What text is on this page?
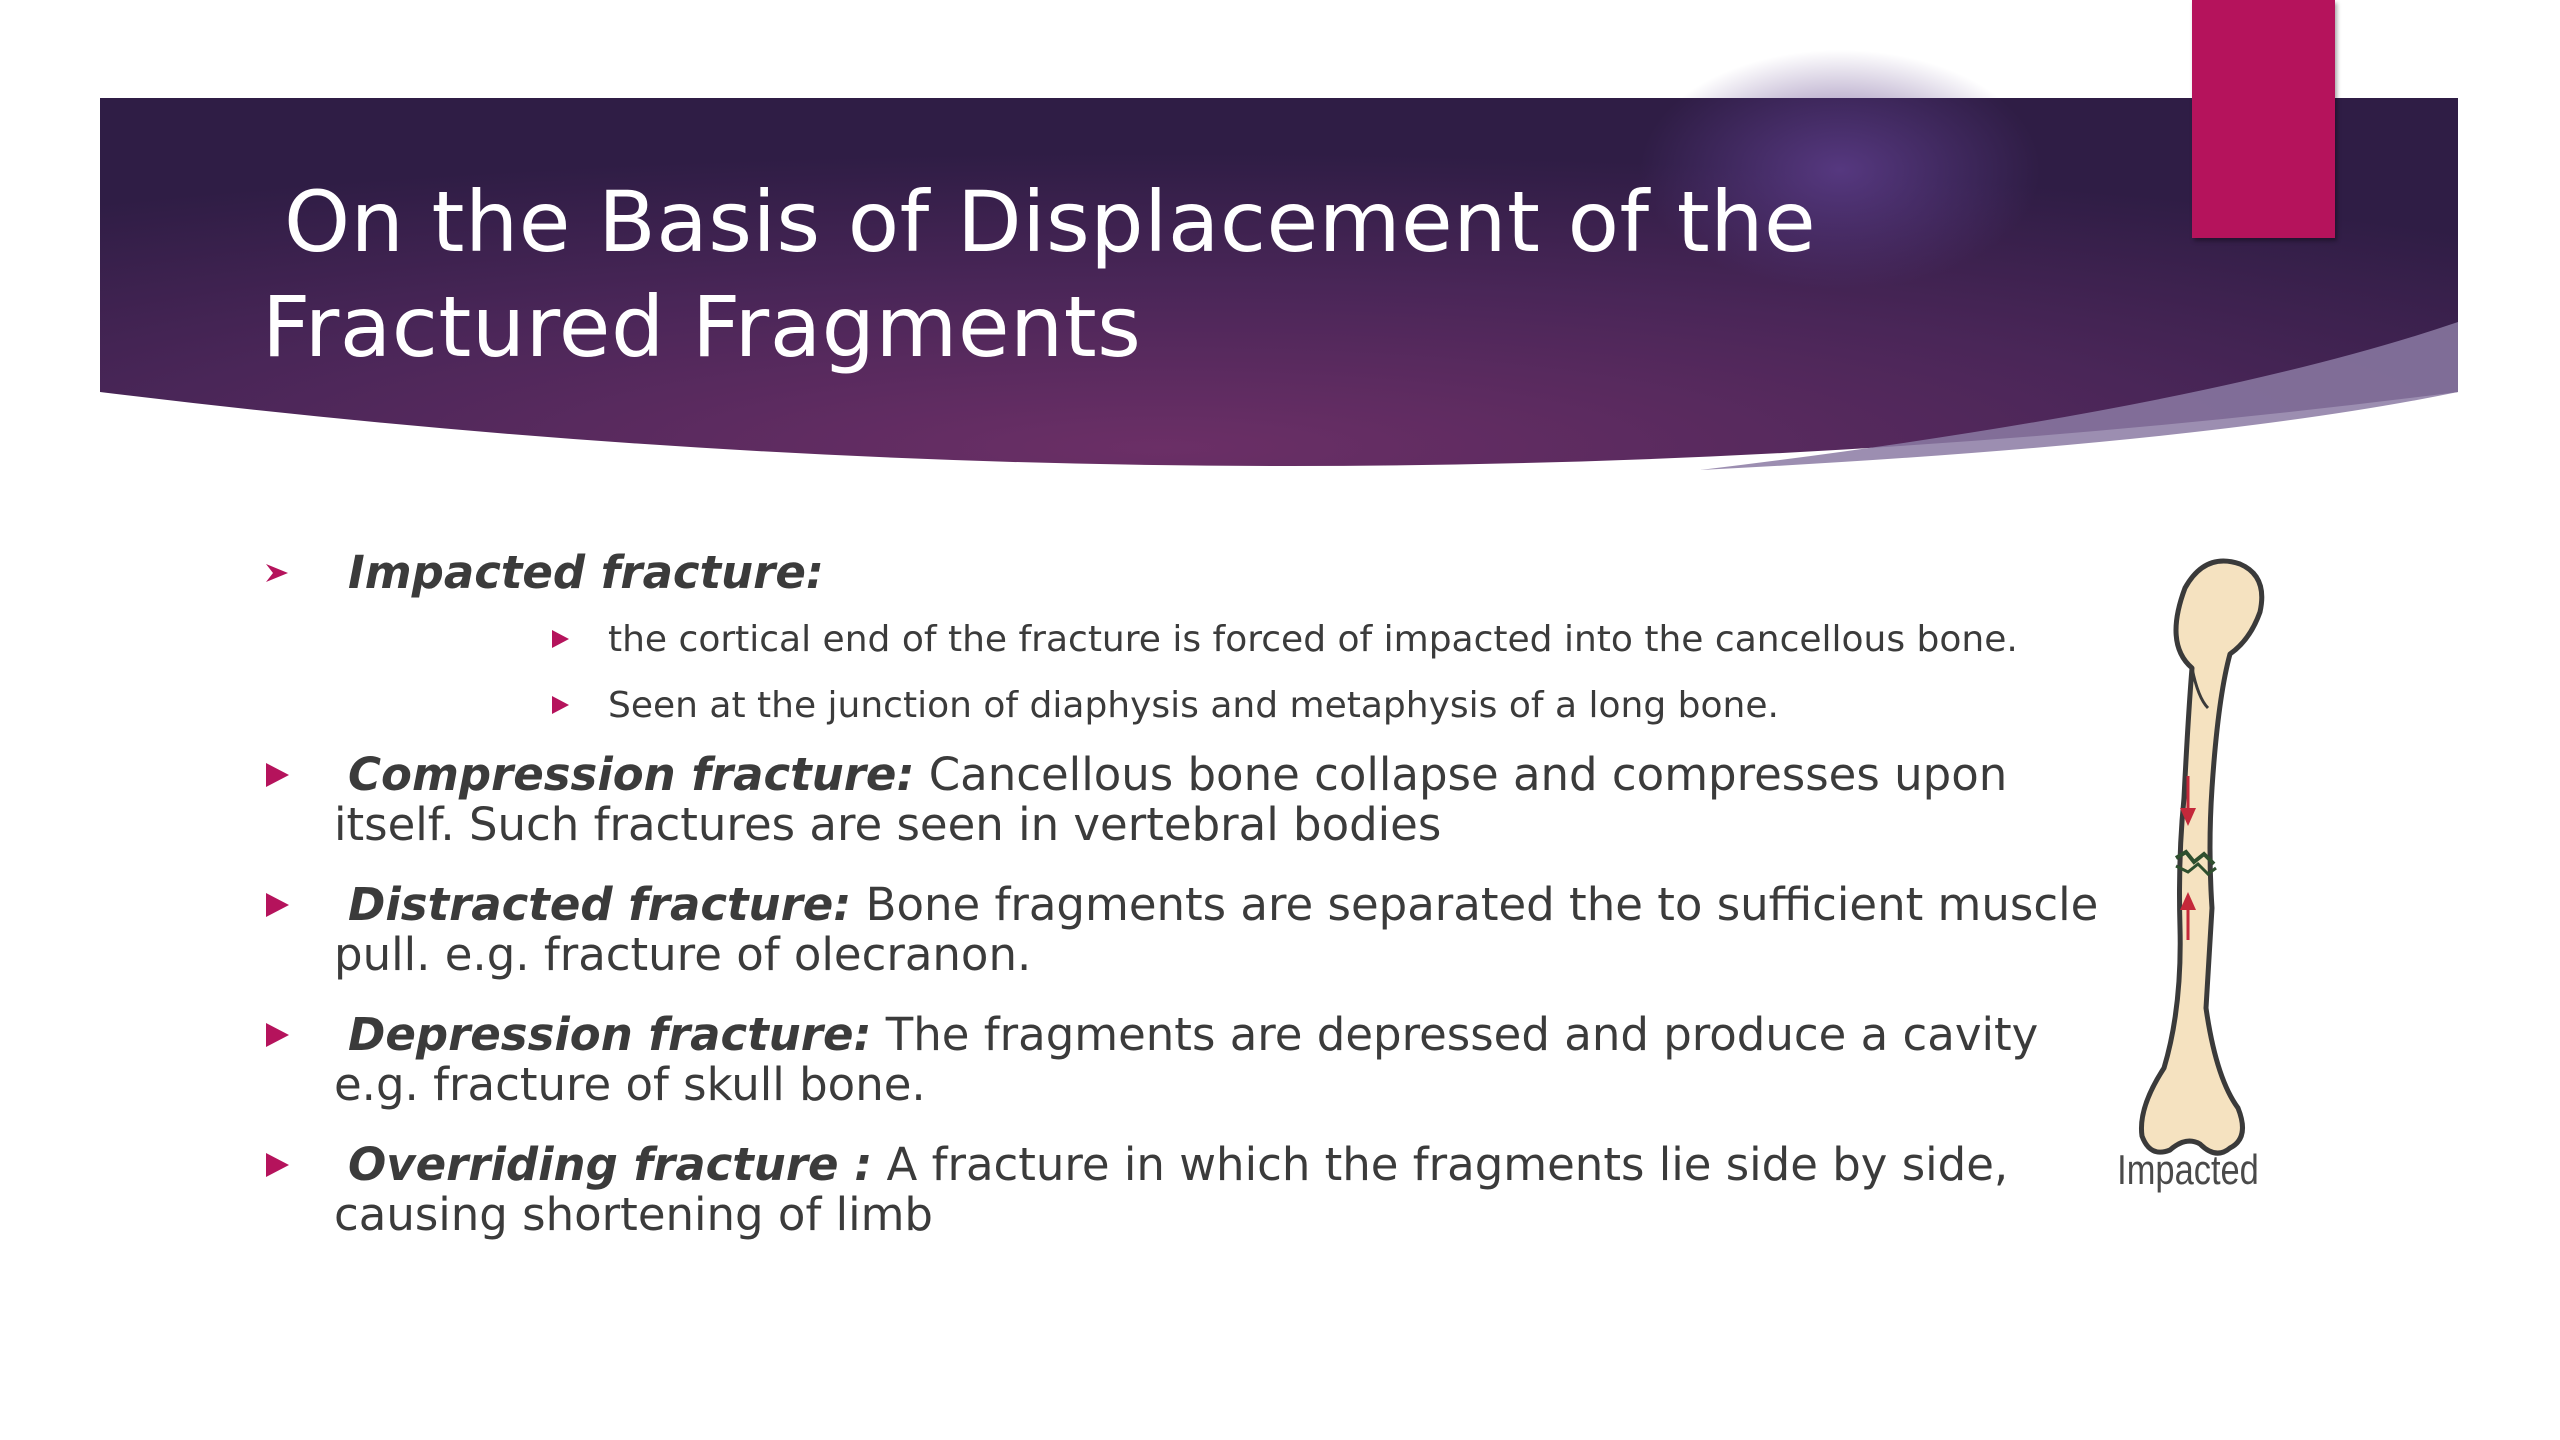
On the Basis of Displacement of the
Fractured Fragments
Impacted fracture:
the cortical end of the fracture is forced of impacted into the cancellous bone.
Seen at the junction of diaphysis and metaphysis of a long bone.
Compression fracture: Cancellous bone collapse and compresses upon itself. Such fractures are seen in vertebral bodies
Distracted fracture: Bone fragments are separated the to sufficient muscle pull. e.g. fracture of olecranon.
Depression fracture: The fragments are depressed and produce a cavity e.g. fracture of skull bone.
Overriding fracture : A fracture in which the fragments lie side by side, causing shortening of limb
Impacted
